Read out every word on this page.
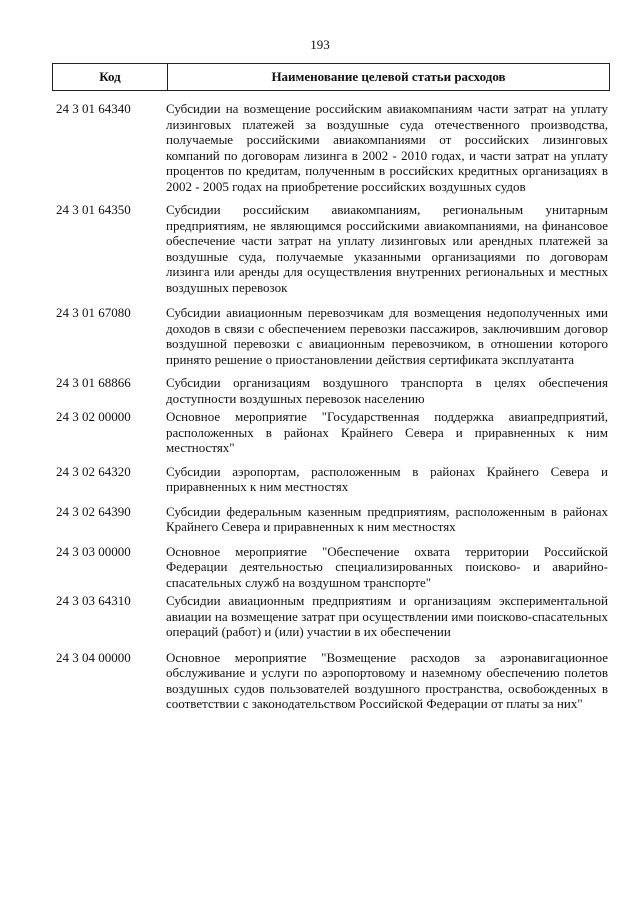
193
Код	Наименование целевой статьи расходов
24 3 01 64340	Субсидии на возмещение российским авиакомпаниям части затрат на уплату лизинговых платежей за воздушные суда отечественного производства, получаемые российскими авиакомпаниями от российских лизинговых компаний по договорам лизинга в 2002 - 2010 годах, и части затрат на уплату процентов по кредитам, полученным в российских кредитных организациях в 2002 - 2005 годах на приобретение российских воздушных судов
24 3 01 64350	Субсидии российским авиакомпаниям, региональным унитарным предприятиям, не являющимся российскими авиакомпаниями, на финансовое обеспечение части затрат на уплату лизинговых или арендных платежей за воздушные суда, получаемые указанными организациями по договорам лизинга или аренды для осуществления внутренних региональных и местных воздушных перевозок
24 3 01 67080	Субсидии авиационным перевозчикам для возмещения недополученных ими доходов в связи с обеспечением перевозки пассажиров, заключившим договор воздушной перевозки с авиационным перевозчиком, в отношении которого принято решение о приостановлении действия сертификата эксплуатанта
24 3 01 68866	Субсидии организациям воздушного транспорта в целях обеспечения доступности воздушных перевозок населению
24 3 02 00000	Основное мероприятие "Государственная поддержка авиапредприятий, расположенных в районах Крайнего Севера и приравненных к ним местностях"
24 3 02 64320	Субсидии аэропортам, расположенным в районах Крайнего Севера и приравненных к ним местностях
24 3 02 64390	Субсидии федеральным казенным предприятиям, расположенным в районах Крайнего Севера и приравненных к ним местностях
24 3 03 00000	Основное мероприятие "Обеспечение охвата территории Российской Федерации деятельностью специализированных поисково- и аварийно-спасательных служб на воздушном транспорте"
24 3 03 64310	Субсидии авиационным предприятиям и организациям экспериментальной авиации на возмещение затрат при осуществлении ими поисково-спасательных операций (работ) и (или) участии в их обеспечении
24 3 04 00000	Основное мероприятие "Возмещение расходов за аэронавигационное обслуживание и услуги по аэропортовому и наземному обеспечению полетов воздушных судов пользователей воздушного пространства, освобожденных в соответствии с законодательством Российской Федерации от платы за них"
